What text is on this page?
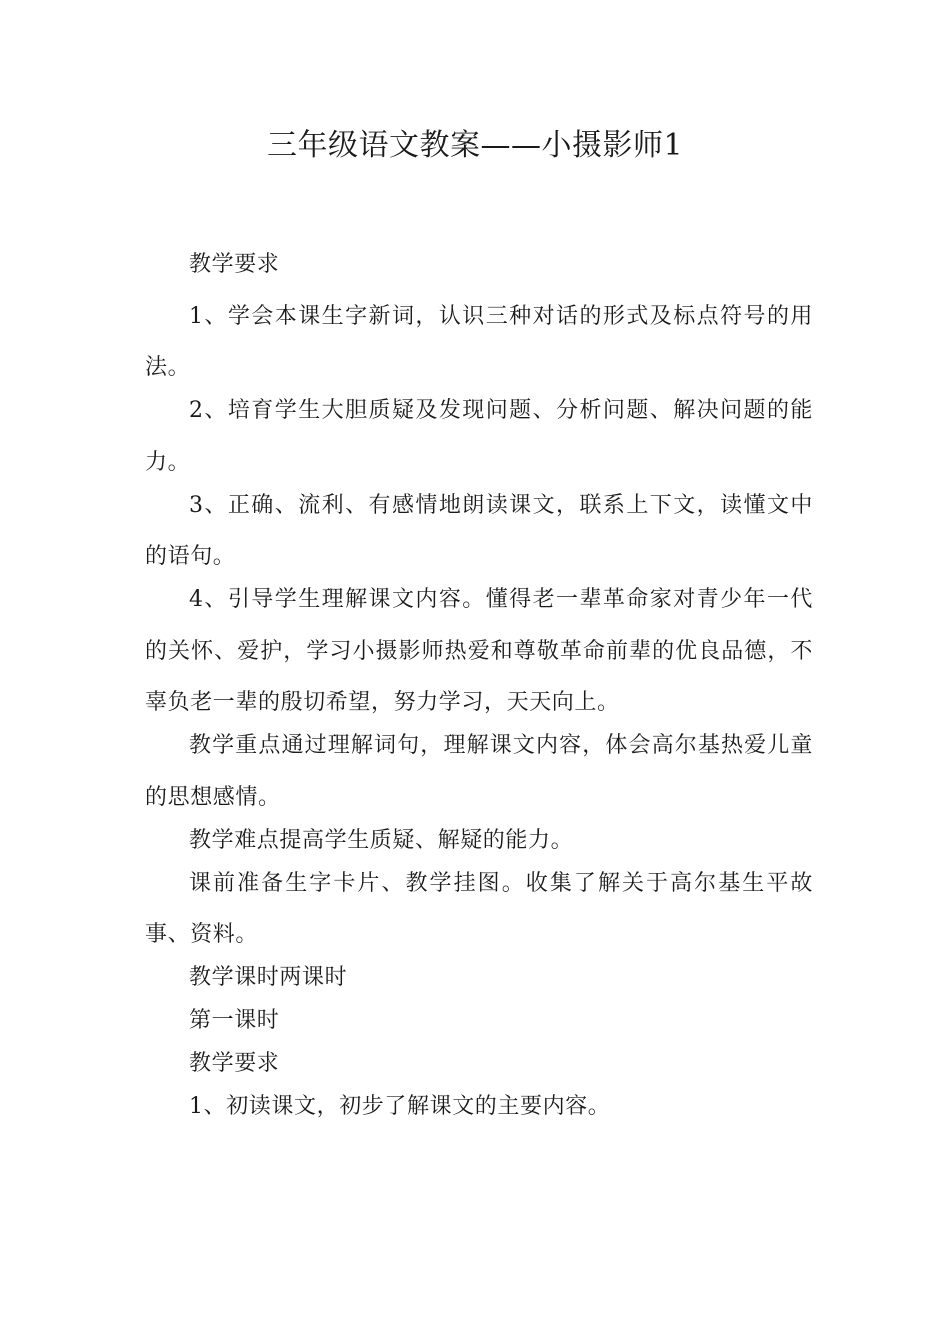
三年级语文教案——小摄影师1

教学要求

1、学会本课生字新词，认识三种对话的形式及标点符号的用法。

2、培育学生大胆质疑及发现问题、分析问题、解决问题的能力。

3、正确、流利、有感情地朗读课文，联系上下文，读懂文中的语句。

4、引导学生理解课文内容。懂得老一辈革命家对青少年一代的关怀、爱护，学习小摄影师热爱和尊敬革命前辈的优良品德，不辜负老一辈的殷切希望，努力学习，天天向上。

教学重点通过理解词句，理解课文内容，体会高尔基热爱儿童的思想感情。

教学难点提高学生质疑、解疑的能力。

课前准备生字卡片、教学挂图。收集了解关于高尔基生平故事、资料。

教学课时两课时

第一课时

教学要求

1、初读课文，初步了解课文的主要内容。
